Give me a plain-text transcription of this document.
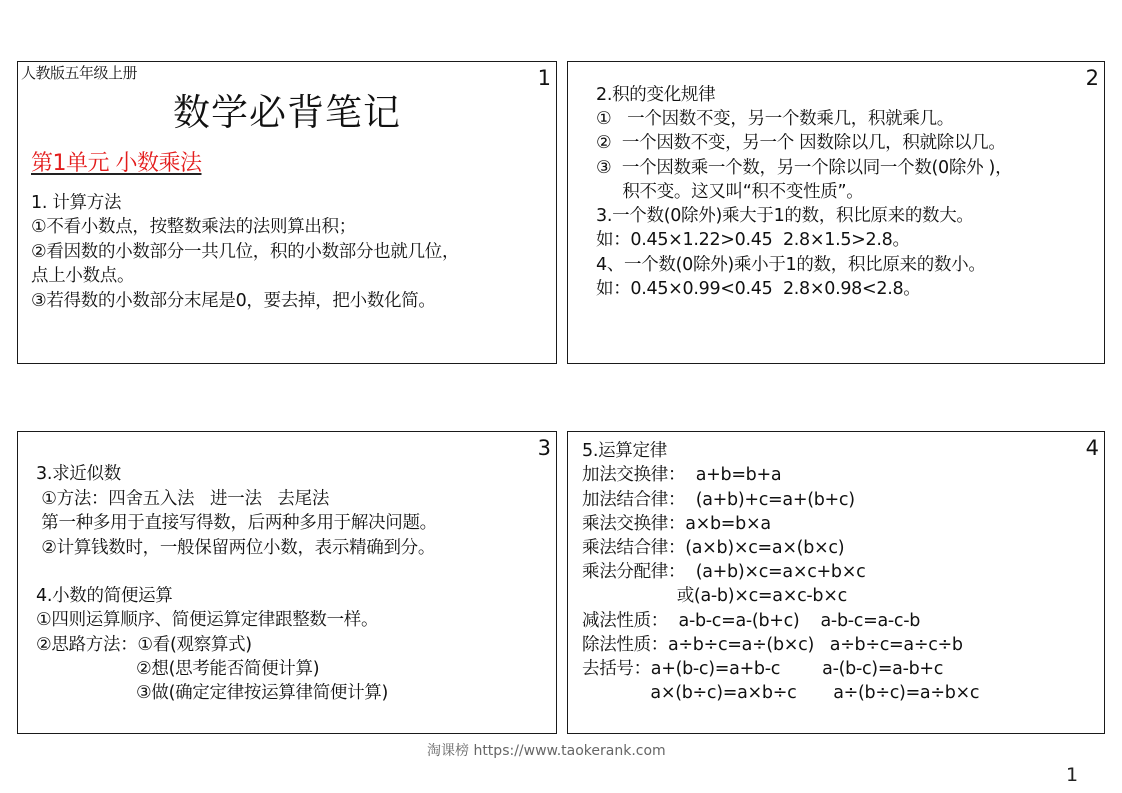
人教版五年级上册	1
数学必背笔记
第1单元 小数乘法
1. 计算方法
①不看小数点，按整数乘法的法则算出积；
②看因数的小数部分一共几位，积的小数部分也就几位，
点上小数点。
③若得数的小数部分末尾是0，要去掉，把小数化简。
2
2.积的变化规律
①   一个因数不变，另一个数乘几，积就乘几。
②  一个因数不变，另一个 因数除以几，积就除以几。
③  一个因数乘一个数，另一个除以同一个数(0除外 )，
积不变。这又叫“积不变性质”。
3.一个数(0除外)乘大于1的数，积比原来的数大。
如：0.45×1.22>0.45  2.8×1.5>2.8。
4、一个数(0除外)乘小于1的数，积比原来的数小。
如：0.45×0.99<0.45  2.8×0.98<2.8。
3
3.求近似数
①方法：四舍五入法   进一法   去尾法
第一种多用于直接写得数，后两种多用于解决问题。
②计算钱数时，一般保留两位小数，表示精确到分。
4.小数的简便运算
①四则运算顺序、简便运算定律跟整数一样。
②思路方法：①看(观察算式)
②想(思考能否简便计算)
③做(确定定律按运算律简便计算)
4
5.运算定律
加法交换律：  a+b=b+a
加法结合律：  (a+b)+c=a+(b+c)
乘法交换律：a×b=b×a
乘法结合律：(a×b)×c=a×(b×c)
乘法分配律：  (a+b)×c=a×c+b×c
或(a-b)×c=a×c-b×c
减法性质：  a-b-c=a-(b+c)    a-b-c=a-c-b
除法性质：a÷b÷c=a÷(b×c)   a÷b÷c=a÷c÷b
去括号：a+(b-c)=a+b-c        a-(b-c)=a-b+c
a×(b÷c)=a×b÷c       a÷(b÷c)=a÷b×c
淘课榜 https://www.taokerank.com
1
